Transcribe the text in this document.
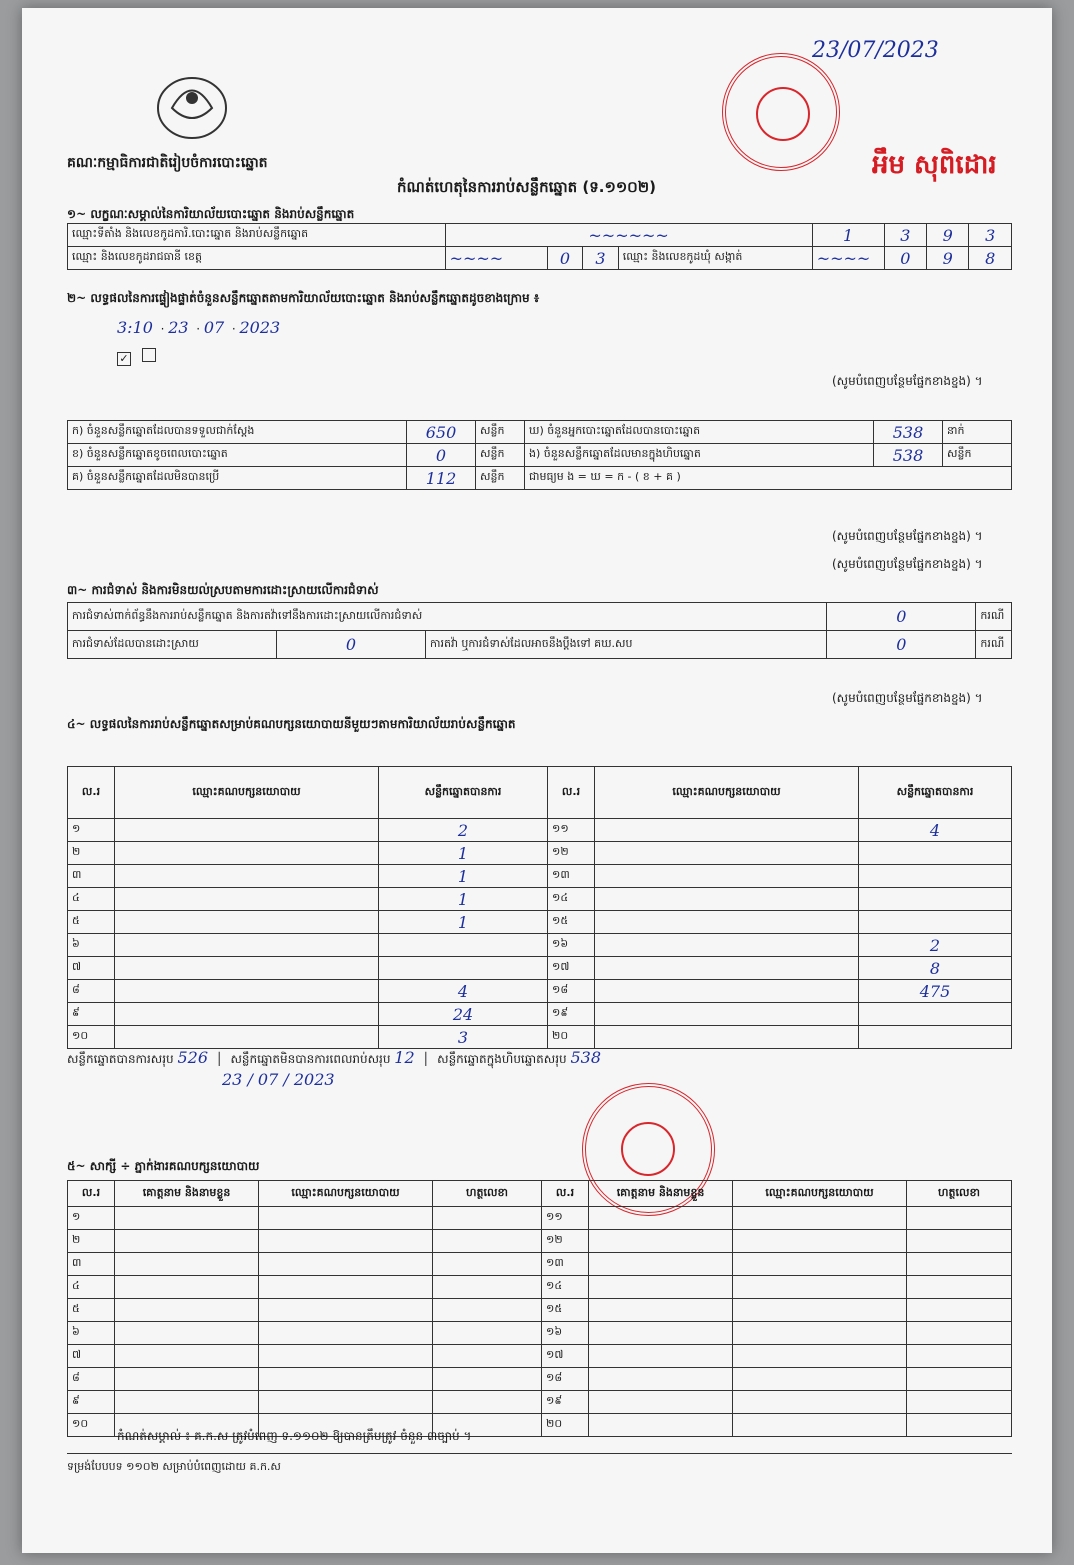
23/07/2023
អឹម សុពិដោរ
គណៈកម្មាធិការជាតិរៀបចំការបោះឆ្នោត
កំណត់ហេតុនៃការរាប់សន្លឹកឆ្នោត (ទ.១១០២)
១~ លក្ខណៈសម្គាល់នៃការិយាល័យបោះឆ្នោត និងរាប់សន្លឹកឆ្នោត
ឈ្មោះទីតាំង និងលេខកូដការិ.បោះឆ្នោត និងរាប់សន្លឹកឆ្នោត	~~~~~~				1	3	9	3
ឈ្មោះ និងលេខកូដរាជធានី ខេត្ត	~~~~	0	3	ឈ្មោះ និងលេខកូដឃុំ សង្កាត់	~~~~	0	9	8
២~ លទ្ធផលនៃការផ្ទៀងផ្ទាត់ចំនួនសន្លឹកឆ្នោតតាមការិយាល័យបោះឆ្នោត និងរាប់សន្លឹកឆ្នោតដូចខាងក្រោម ៖
3:10  · 23  · 07  · 2023
✓
(សូមបំពេញបន្ថែមផ្នែកខាងខ្នង) ។
ក) ចំនួនសន្លឹកឆ្នោតដែលបានទទួលជាក់ស្តែង	650	សន្លឹក	ឃ) ចំនួនអ្នកបោះឆ្នោតដែលបានបោះឆ្នោត	538	នាក់
ខ) ចំនួនសន្លឹកឆ្នោតខូចពេលបោះឆ្នោត	0	សន្លឹក	ង) ចំនួនសន្លឹកឆ្នោតដែលមានក្នុងហិបឆ្នោត	538	សន្លឹក
គ) ចំនួនសន្លឹកឆ្នោតដែលមិនបានប្រើ	112	សន្លឹក	ជាមធ្យម ង = ឃ = ក - ( ខ + គ )		
(សូមបំពេញបន្ថែមផ្នែកខាងខ្នង) ។
(សូមបំពេញបន្ថែមផ្នែកខាងខ្នង) ។
៣~ ការជំទាស់ និងការមិនយល់ស្របតាមការដោះស្រាយលើការជំទាស់
ការជំទាស់ពាក់ព័ន្ធនឹងការរាប់សន្លឹកឆ្នោត និងការតវ៉ាទៅនឹងការដោះស្រាយលើការជំទាស់			0	ករណី
ការជំទាស់ដែលបានដោះស្រាយ	0	ការតវ៉ា ឬការជំទាស់ដែលអាចនឹងប្តឹងទៅ គឃ.សប	0	ករណី
(សូមបំពេញបន្ថែមផ្នែកខាងខ្នង) ។
៤~ លទ្ធផលនៃការរាប់សន្លឹកឆ្នោតសម្រាប់គណបក្សនយោបាយនីមួយៗតាមការិយាល័យរាប់សន្លឹកឆ្នោត
ល.រ	ឈ្មោះគណបក្សនយោបាយ	សន្លឹកឆ្នោតបានការ	ល.រ	ឈ្មោះគណបក្សនយោបាយ	សន្លឹកឆ្នោតបានការ
១		2	១១		4
២		1	១២		
៣		1	១៣		
៤		1	១៤		
៥		1	១៥		
៦			១៦		2
៧			១៧		8
៨		4	១៨		475
៩		24	១៩		
១០		3	២០		
សន្លឹកឆ្នោតបានការសរុប 526  │  សន្លឹកឆ្នោតមិនបានការពេលរាប់សរុប 12  │  សន្លឹកឆ្នោតក្នុងហិបឆ្នោតសរុប 538
23 / 07 / 2023
៥~ សាក្សី ÷ ភ្នាក់ងារគណបក្សនយោបាយ
ល.រ	គោត្តនាម និងនាមខ្លួន	ឈ្មោះគណបក្សនយោបាយ	ហត្ថលេខា	ល.រ	គោត្តនាម និងនាមខ្លួន	ឈ្មោះគណបក្សនយោបាយ	ហត្ថលេខា
១				១១			
២				១២			
៣				១៣			
៤				១៤			
៥				១៥			
៦				១៦			
៧				១៧			
៨				១៨			
៩				១៩			
១០				២០			
កំណត់សម្គាល់ ៖ គ.ក.ស ត្រូវបំពេញ ទ.១១០២ ឱ្យបានត្រឹមត្រូវ ចំនួន ៣ច្បាប់ ។
ទម្រង់បែបបទ ១១០២ សម្រាប់បំពេញដោយ គ.ក.ស
